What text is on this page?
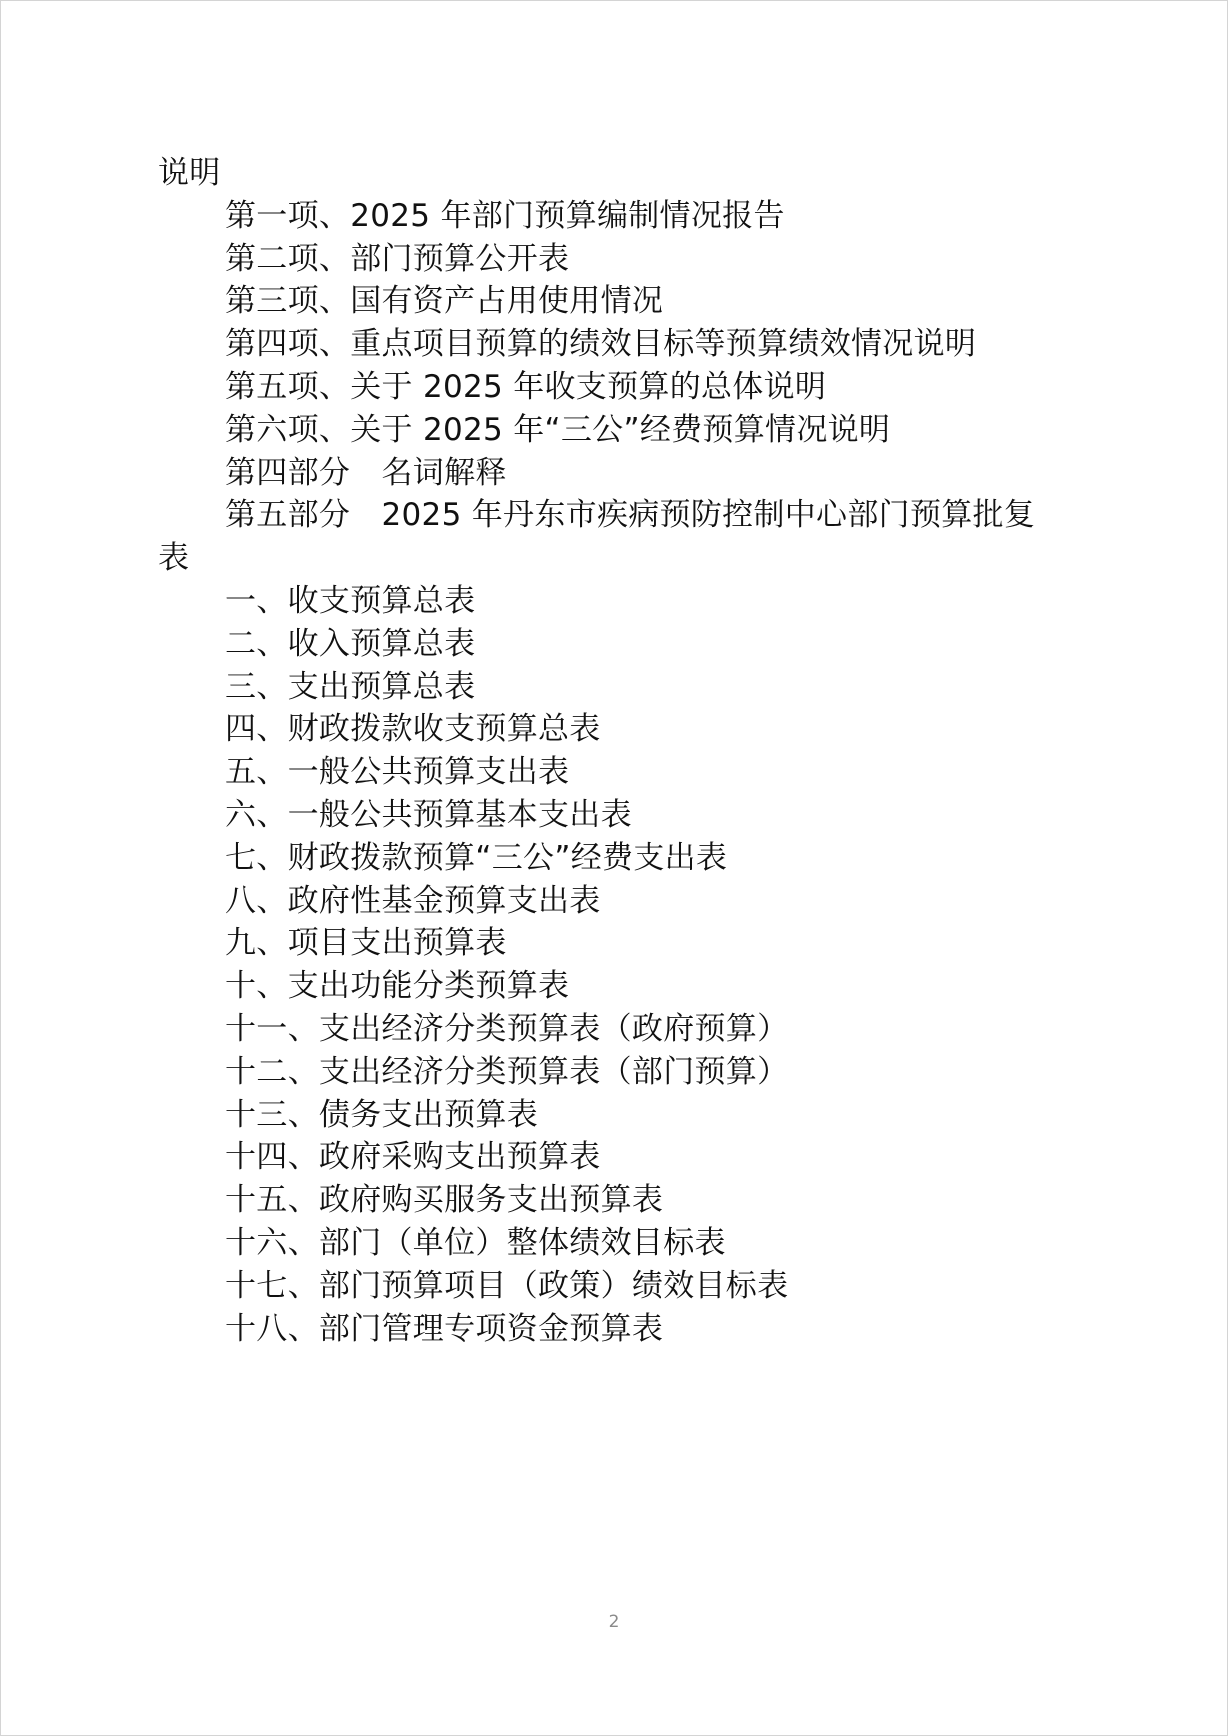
说明
第一项、2025 年部门预算编制情况报告
第二项、部门预算公开表
第三项、国有资产占用使用情况
第四项、重点项目预算的绩效目标等预算绩效情况说明
第五项、关于 2025 年收支预算的总体说明
第六项、关于 2025 年“三公”经费预算情况说明
第四部分　名词解释
第五部分　2025 年丹东市疾病预防控制中心部门预算批复
表
一、收支预算总表
二、收入预算总表
三、支出预算总表
四、财政拨款收支预算总表
五、一般公共预算支出表
六、一般公共预算基本支出表
七、财政拨款预算“三公”经费支出表
八、政府性基金预算支出表
九、项目支出预算表
十、支出功能分类预算表
十一、支出经济分类预算表（政府预算）
十二、支出经济分类预算表（部门预算）
十三、债务支出预算表
十四、政府采购支出预算表
十五、政府购买服务支出预算表
十六、部门（单位）整体绩效目标表
十七、部门预算项目（政策）绩效目标表
十八、部门管理专项资金预算表
2
